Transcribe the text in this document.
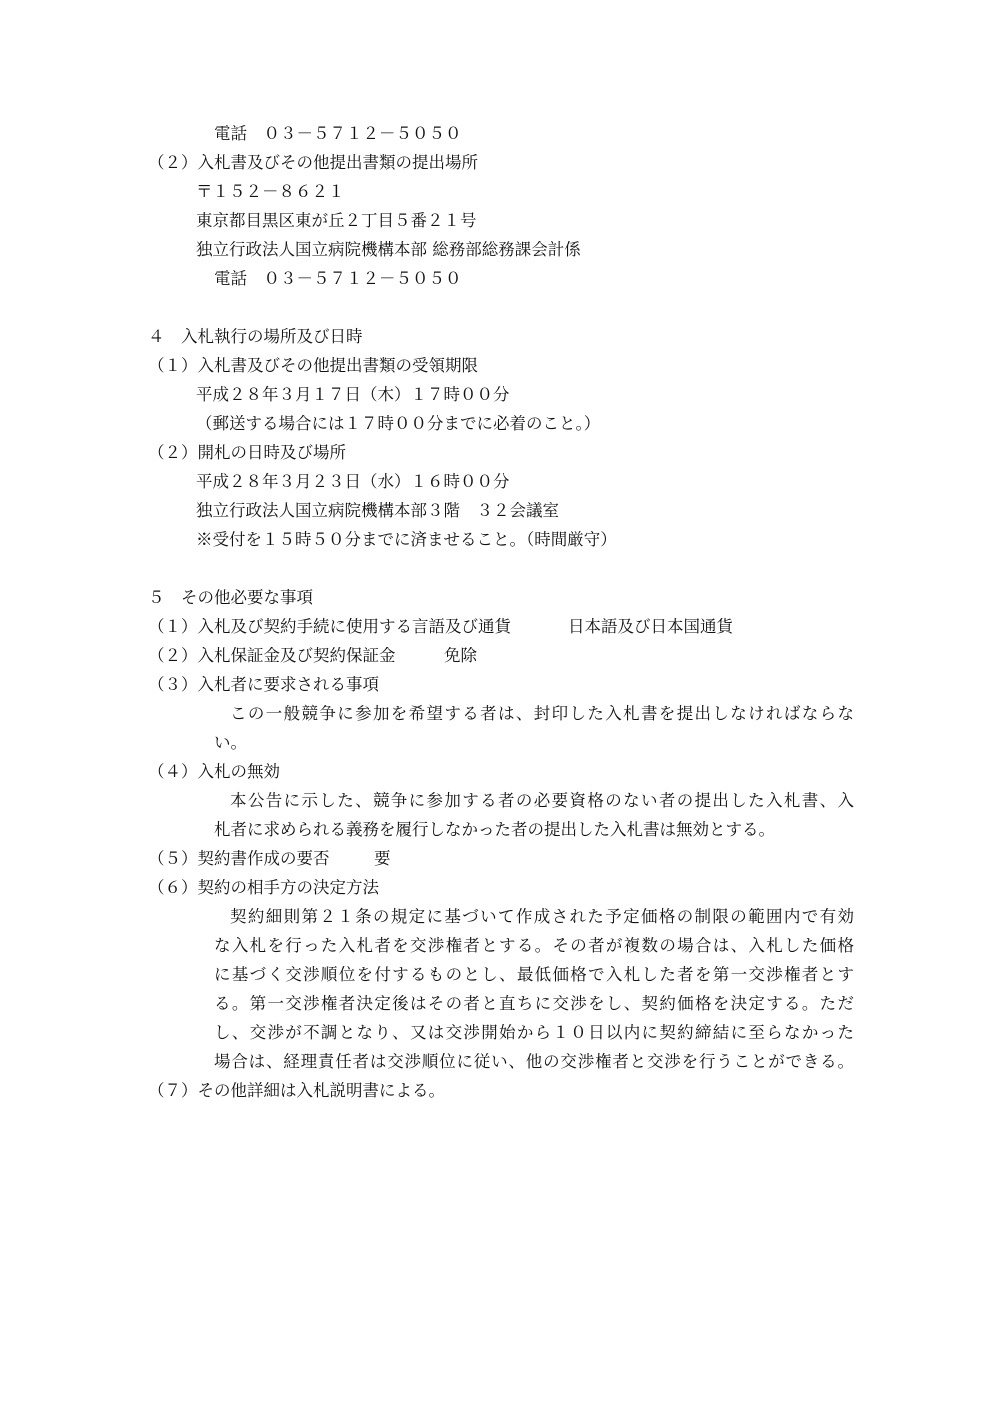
電話　０３－５７１２－５０５０
（２）入札書及びその他提出書類の提出場所
〒１５２－８６２１
東京都目黒区東が丘２丁目５番２１号
独立行政法人国立病院機構本部 総務部総務課会計係
電話　０３－５７１２－５０５０
４　入札執行の場所及び日時
（１）入札書及びその他提出書類の受領期限
平成２８年３月１７日（木）１７時００分
（郵送する場合には１７時００分までに必着のこと。）
（２）開札の日時及び場所
平成２８年３月２３日（水）１６時００分
独立行政法人国立病院機構本部３階　３２会議室
※受付を１５時５０分までに済ませること。（時間厳守）
５　その他必要な事項
（１）入札及び契約手続に使用する言語及び通貨	日本語及び日本国通貨
（２）入札保証金及び契約保証金	免除
（３）入札者に要求される事項
この一般競争に参加を希望する者は、封印した入札書を提出しなければならな
い。
（４）入札の無効
本公告に示した、競争に参加する者の必要資格のない者の提出した入札書、入
札者に求められる義務を履行しなかった者の提出した入札書は無効とする。
（５）契約書作成の要否	要
（６）契約の相手方の決定方法
契約細則第２１条の規定に基づいて作成された予定価格の制限の範囲内で有効
な入札を行った入札者を交渉権者とする。その者が複数の場合は、入札した価格
に基づく交渉順位を付するものとし、最低価格で入札した者を第一交渉権者とす
る。第一交渉権者決定後はその者と直ちに交渉をし、契約価格を決定する。ただ
し、交渉が不調となり、又は交渉開始から１０日以内に契約締結に至らなかった
場合は、経理責任者は交渉順位に従い、他の交渉権者と交渉を行うことができる。
（７）その他詳細は入札説明書による。
